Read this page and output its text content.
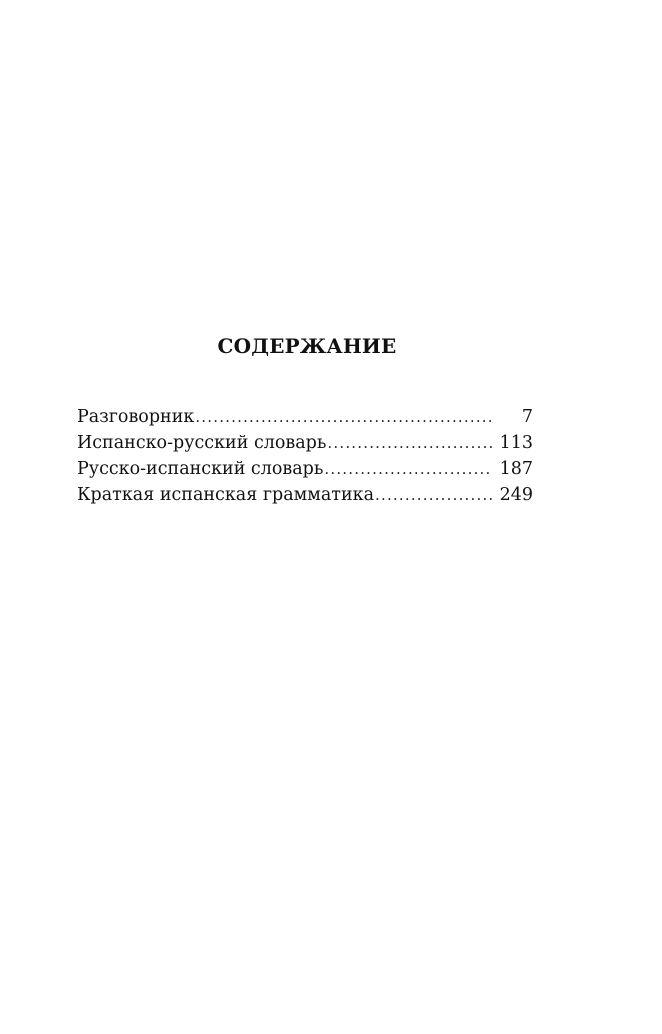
СОДЕРЖАНИЕ
Разговорник .....	7
Испанско-русский словарь .....	113
Русско-испанский словарь .....	187
Краткая испанская грамматика .....	249
